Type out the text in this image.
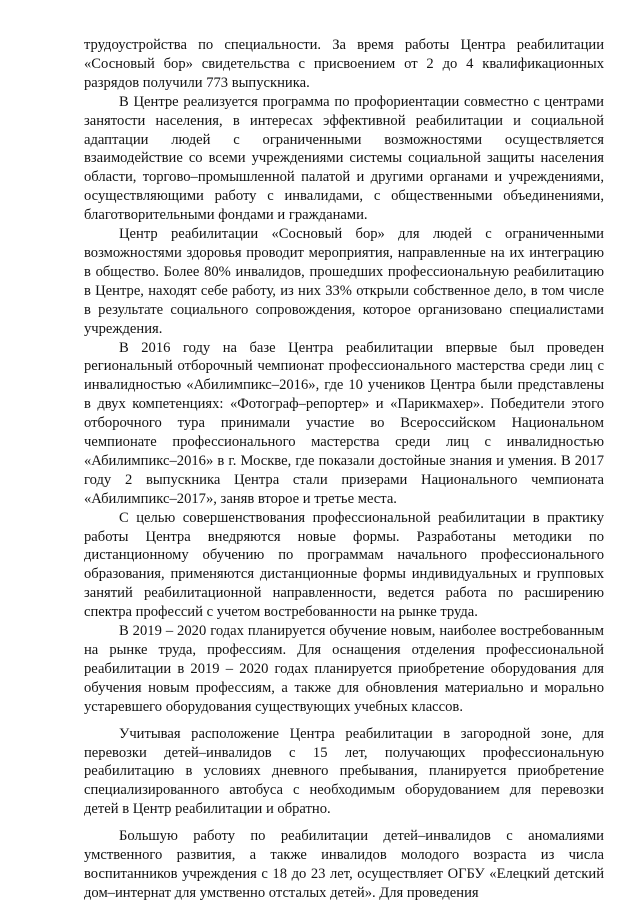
трудоустройства по специальности. За время работы Центра реабилитации «Сосновый бор» свидетельства с присвоением от 2 до 4 квалификационных разрядов получили 773 выпускника.

В Центре реализуется программа по профориентации совместно с центрами занятости населения, в интересах эффективной реабилитации и социальной адаптации людей с ограниченными возможностями осуществляется взаимодействие со всеми учреждениями системы социальной защиты населения области, торгово–промышленной палатой и другими органами и учреждениями, осуществляющими работу с инвалидами, с общественными объединениями, благотворительными фондами и гражданами.

Центр реабилитации «Сосновый бор» для людей с ограниченными возможностями здоровья проводит мероприятия, направленные на их интеграцию в общество. Более 80% инвалидов, прошедших профессиональную реабилитацию в Центре, находят себе работу, из них 33% открыли собственное дело, в том числе в результате социального сопровождения, которое организовано специалистами учреждения.

В 2016 году на базе Центра реабилитации впервые был проведен региональный отборочный чемпионат профессионального мастерства среди лиц с инвалидностью «Абилимпикс–2016», где 10 учеников Центра были представлены в двух компетенциях: «Фотограф–репортер» и «Парикмахер». Победители этого отборочного тура принимали участие во Всероссийском Национальном чемпионате профессионального мастерства среди лиц с инвалидностью «Абилимпикс–2016» в г. Москве, где показали достойные знания и умения. В 2017 году 2 выпускника Центра стали призерами Национального чемпионата «Абилимпикс–2017», заняв второе и третье места.

С целью совершенствования профессиональной реабилитации в практику работы Центра внедряются новые формы. Разработаны методики по дистанционному обучению по программам начального профессионального образования, применяются дистанционные формы индивидуальных и групповых занятий реабилитационной направленности, ведется работа по расширению спектра профессий с учетом востребованности на рынке труда.

В 2019 – 2020 годах планируется обучение новым, наиболее востребованным на рынке труда, профессиям. Для оснащения отделения профессиональной реабилитации в 2019 – 2020 годах планируется приобретение оборудования для обучения новым профессиям, а также для обновления материально и морально устаревшего оборудования существующих учебных классов.

Учитывая расположение Центра реабилитации в загородной зоне, для перевозки детей–инвалидов с 15 лет, получающих профессиональную реабилитацию в условиях дневного пребывания, планируется приобретение специализированного автобуса с необходимым оборудованием для перевозки детей в Центр реабилитации и обратно.

Большую работу по реабилитации детей–инвалидов с аномалиями умственного развития, а также инвалидов молодого возраста из числа воспитанников учреждения с 18 до 23 лет, осуществляет ОГБУ «Елецкий детский дом–интернат для умственно отсталых детей». Для проведения
